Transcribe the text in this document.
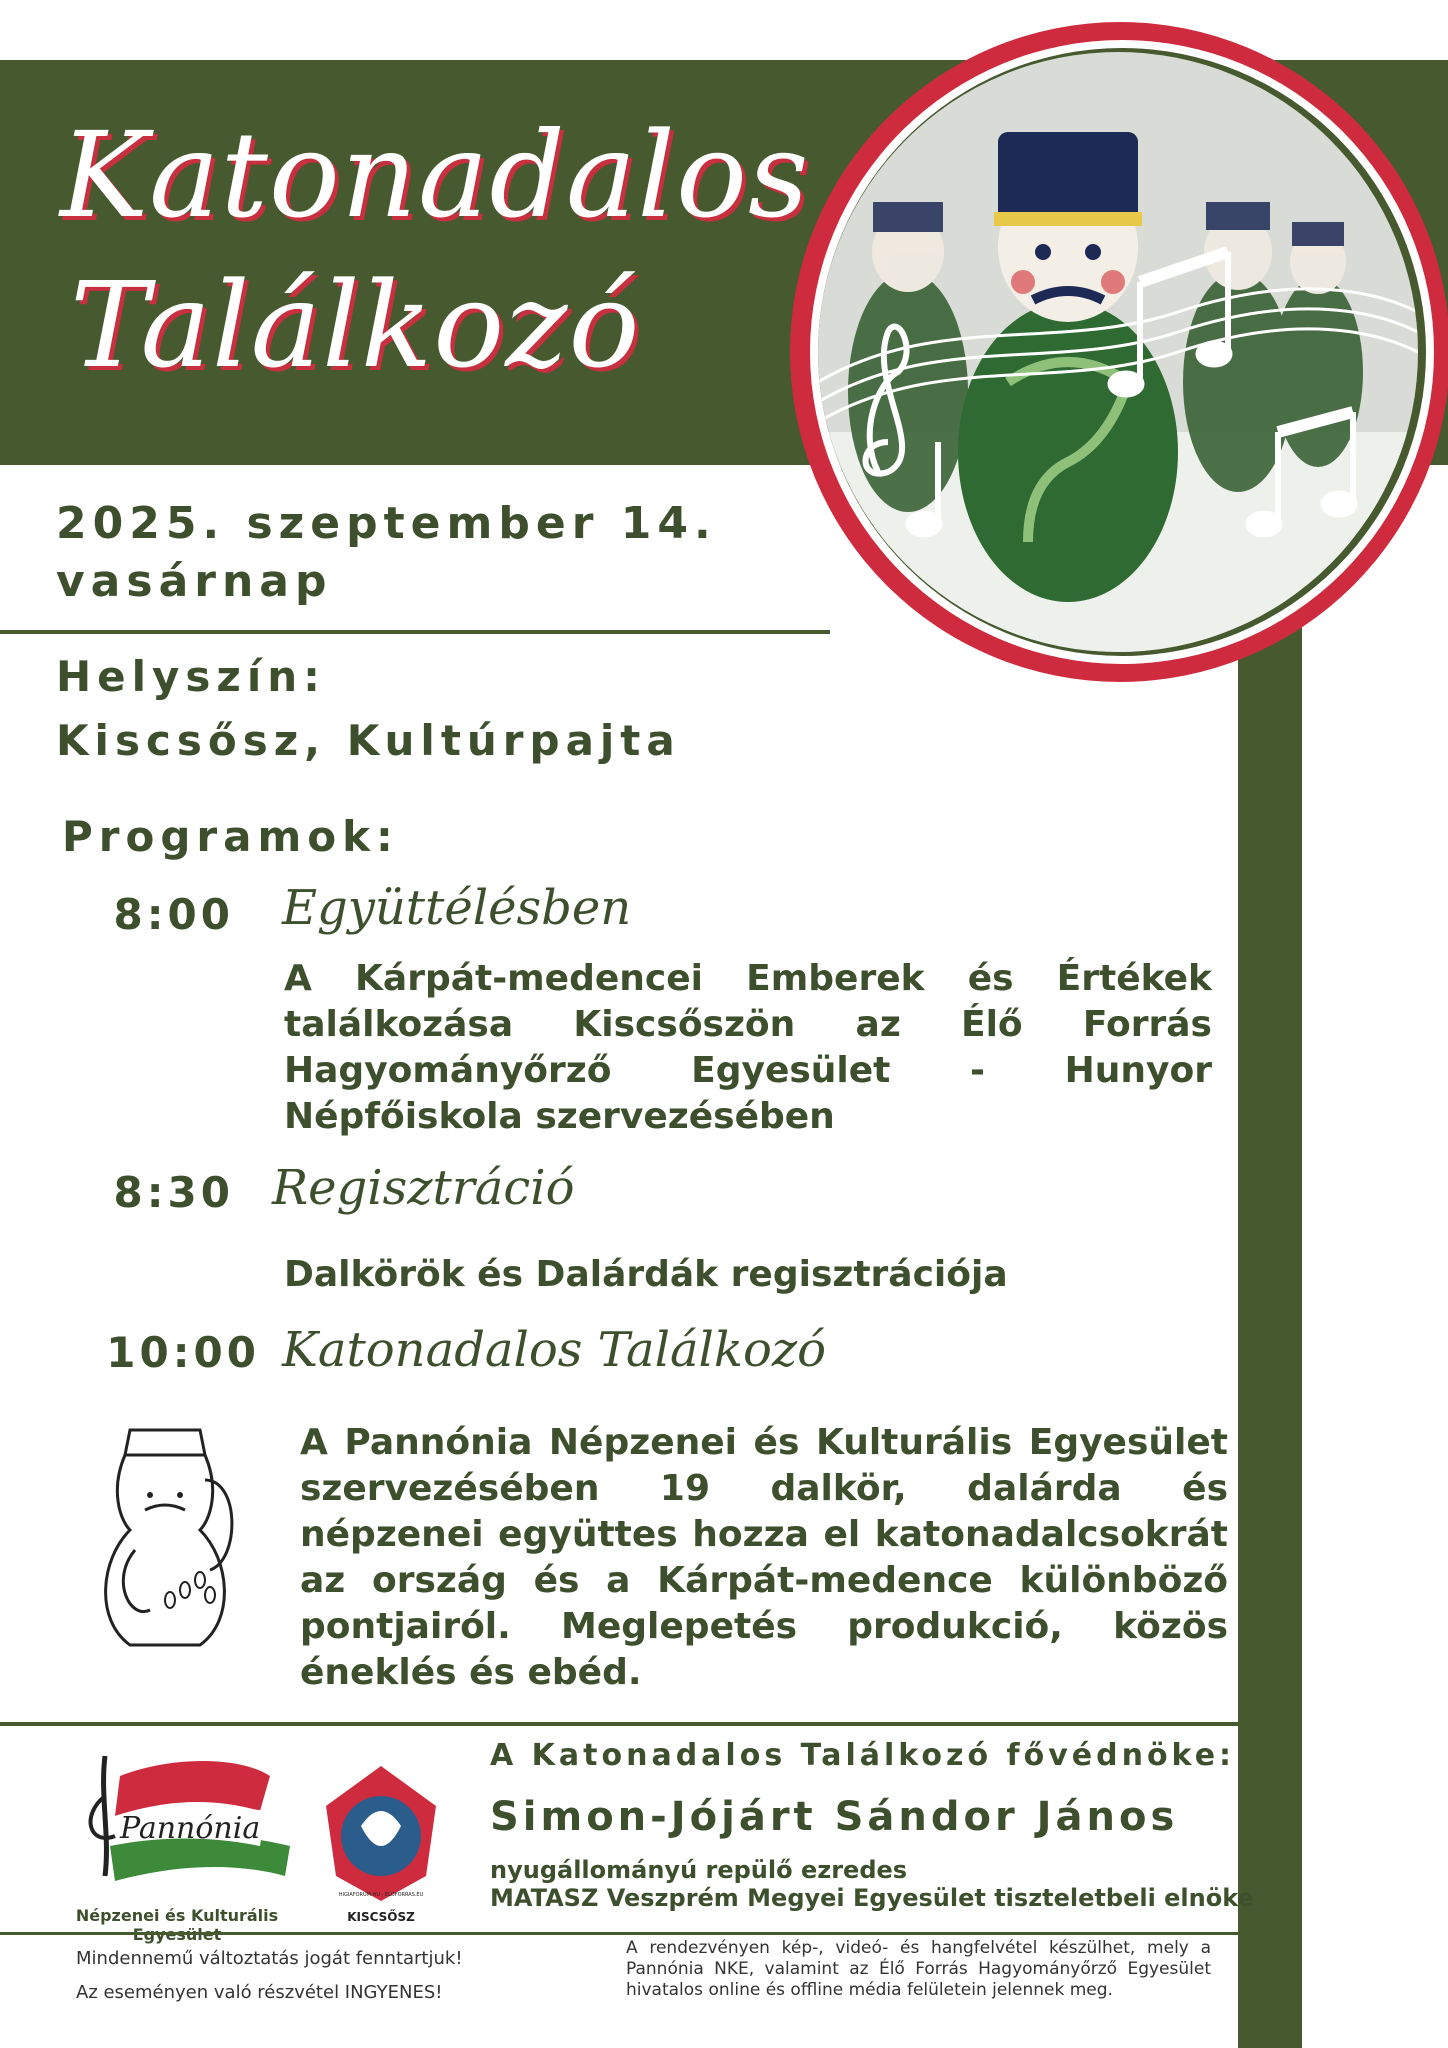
Katonadalos
Találkozó
2025. szeptember 14.
vasárnap
Helyszín:
Kiscsősz, Kultúrpajta
Programok:
8:00 Együttélésben
A Kárpát-medencei Emberek és Értékek találkozása Kiscsőszön az Élő Forrás Hagyományőrző Egyesület - Hunyor Népfőiskola szervezésében
8:30 Regisztráció
Dalkörök és Dalárdák regisztrációja
10:00 Katonadalos Találkozó
A Pannónia Népzenei és Kulturális Egyesület szervezésében 19 dalkör, dalárda és népzenei együttes hozza el katonadalcsokrát az ország és a Kárpát-medence különböző pontjairól. Meglepetés produkció, közös éneklés és ebéd.
Pannónia
Népzenei és Kulturális	KISCSŐSZ
HIGIAFORUM.HU - ELOFORRAS.EU
A Katonadalos Találkozó fővédnöke:
Simon-Jójárt Sándor János
nyugállományú repülő ezredes
MATASZ Veszprém Megyei Egyesület tiszteletbeli elnöke
Mindennemű változtatás jogát fenntartjuk!
Az eseményen való részvétel INGYENES!
A rendezvényen kép-, videó- és hangfelvétel készülhet, mely a Pannónia NKE, valamint az Élő Forrás Hagyományőrző Egyesület hivatalos online és offline média felületein jelennek meg.
